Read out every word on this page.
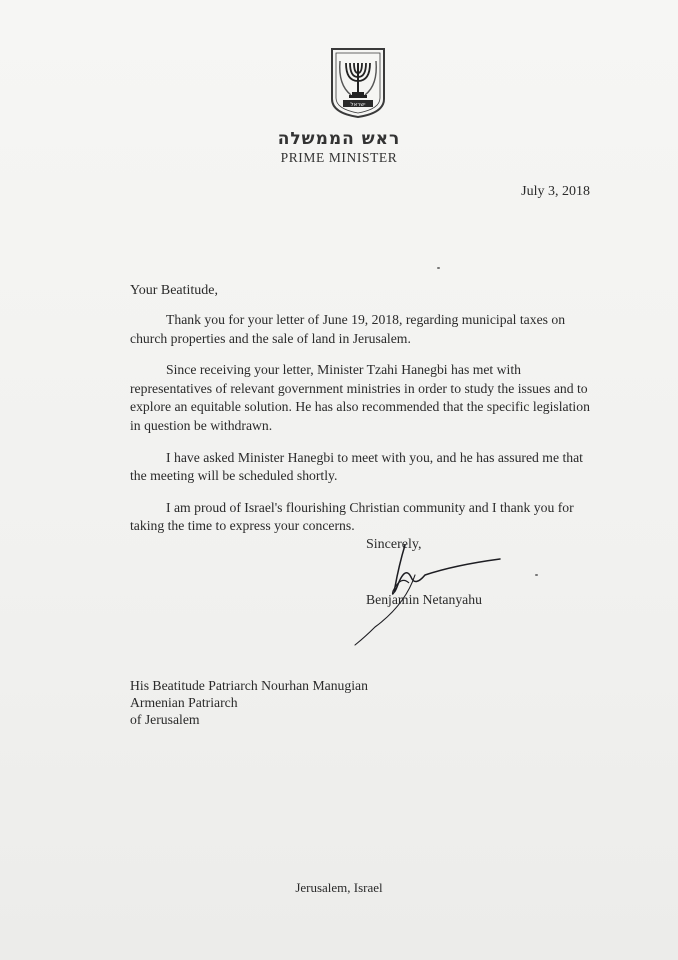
ישראל
ראש הממשלה
PRIME MINISTER
July 3, 2018
Your Beatitude,

Thank you for your letter of June 19, 2018, regarding municipal taxes on church properties and the sale of land in Jerusalem.

Since receiving your letter, Minister Tzahi Hanegbi has met with representatives of relevant government ministries in order to study the issues and to explore an equitable solution. He has also recommended that the specific legislation in question be withdrawn.

I have asked Minister Hanegbi to meet with you, and he has assured me that the meeting will be scheduled shortly.

I am proud of Israel's flourishing Christian community and I thank you for taking the time to express your concerns.

Sincerely,
Benjamin Netanyahu
His Beatitude Patriarch Nourhan Manugian
Armenian Patriarch
of Jerusalem
Jerusalem, Israel
